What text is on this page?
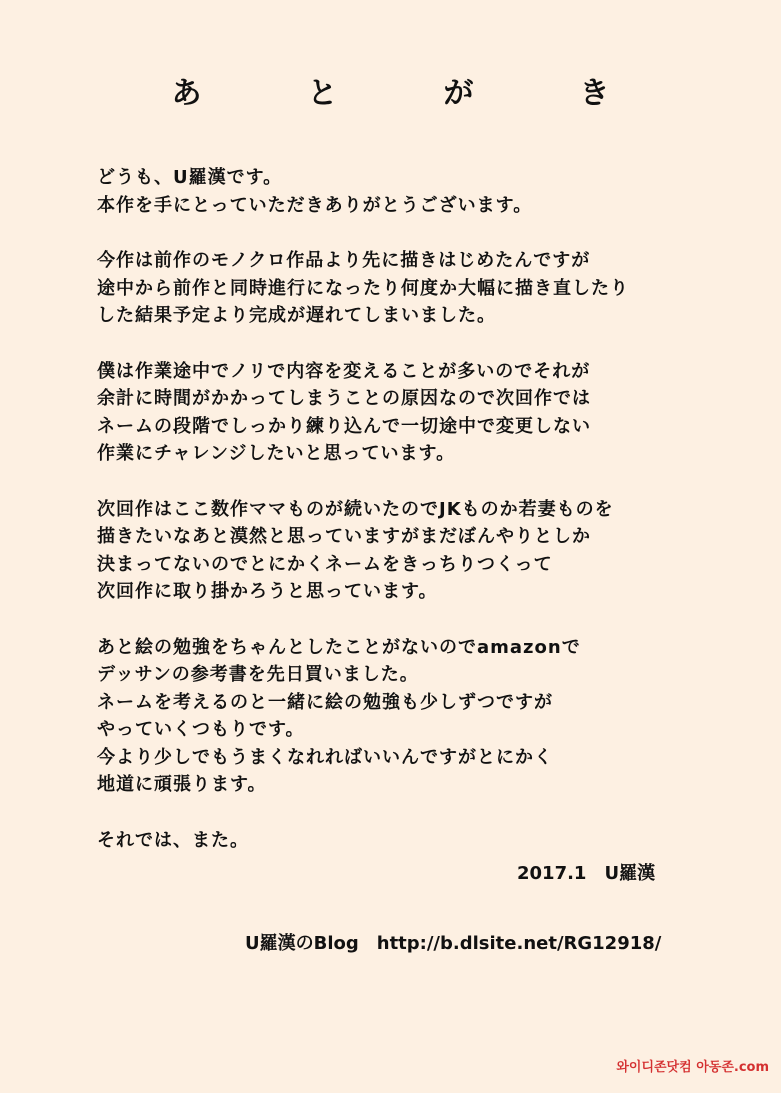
あ　と　が　き
どうも、U羅漢です。
本作を手にとっていただきありがとうございます。
今作は前作のモノクロ作品より先に描きはじめたんですが
途中から前作と同時進行になったり何度か大幅に描き直したり
した結果予定より完成が遅れてしまいました。
僕は作業途中でノリで内容を変えることが多いのでそれが
余計に時間がかかってしまうことの原因なので次回作では
ネームの段階でしっかり練り込んで一切途中で変更しない
作業にチャレンジしたいと思っています。
次回作はここ数作ママものが続いたのでJKものか若妻ものを
描きたいなあと漠然と思っていますがまだぼんやりとしか
決まってないのでとにかくネームをきっちりつくって
次回作に取り掛かろうと思っています。
あと絵の勉強をちゃんとしたことがないのでamazonで
デッサンの参考書を先日買いました。
ネームを考えるのと一緒に絵の勉強も少しずつですが
やっていくつもりです。
今より少しでもうまくなれればいいんですがとにかく
地道に頑張ります。
それでは、また。
2017.1　U羅漢
U羅漢のBlog　http://b.dlsite.net/RG12918/
와이디존닷컴 아동존.com
